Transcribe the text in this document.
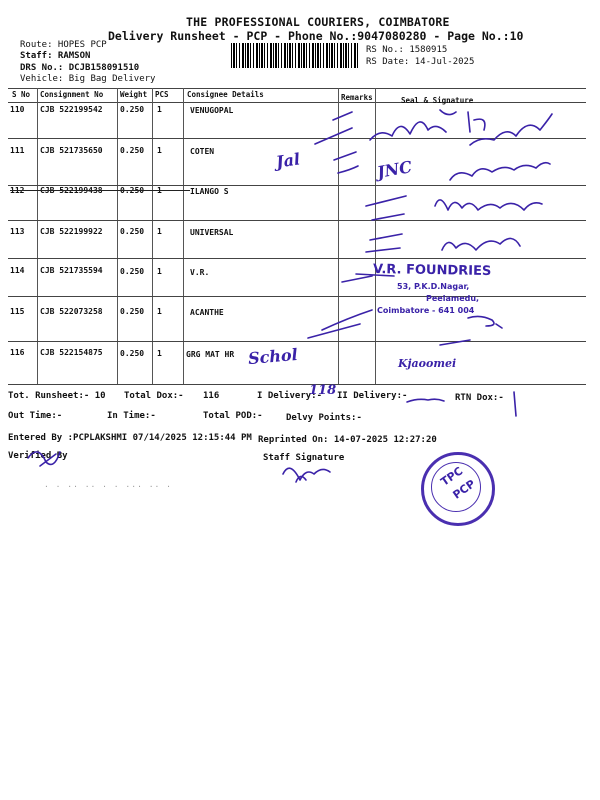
THE PROFESSIONAL COURIERS, COIMBATORE
Delivery Runsheet - PCP - Phone No.:9047080280 - Page No.:10
Route: HOPES PCP
Staff: RAMSON
DRS No.: DCJB158091510
Vehicle: Big Bag Delivery
RS No.: 1580915
RS Date: 14-Jul-2025
S No Consignment No Weight PCS Consignee Details	Remarks	Seal & Signature
110 CJB 522199542 0.250 1	VENUGOPAL
111 CJB 521735650 0.250 1	COTEN
112 CJB 522199438 0.250 1	ILANGO S
113 CJB 522199922 0.250 1	UNIVERSAL
114 CJB 521735594 0.250 1	V.R.
115 CJB 522073258 0.250 1	ACANTHE
116 CJB 522154875 0.250 1	GRG MAT HR
Tot. Runsheet:- 10 Total Dox:- 116	I Delivery:- II Delivery:-	RTN Dox:-
Out Time:-	In Time:-	Total POD:-	Delvy Points:-
Entered By :PCPLAKSHMI 07/14/2025 12:15:44 PM Reprinted On: 14-07-2025 12:27:20
Verified By	Staff Signature
· · ·· ·· · · ··· ·· ·
V.R. FOUNDRIES
53, P.K.D.Nagar,
Peelamedu,
Coimbatore - 641 004
TPC
PCP
Jal	JNC
Schol	Kjaoomei
118
